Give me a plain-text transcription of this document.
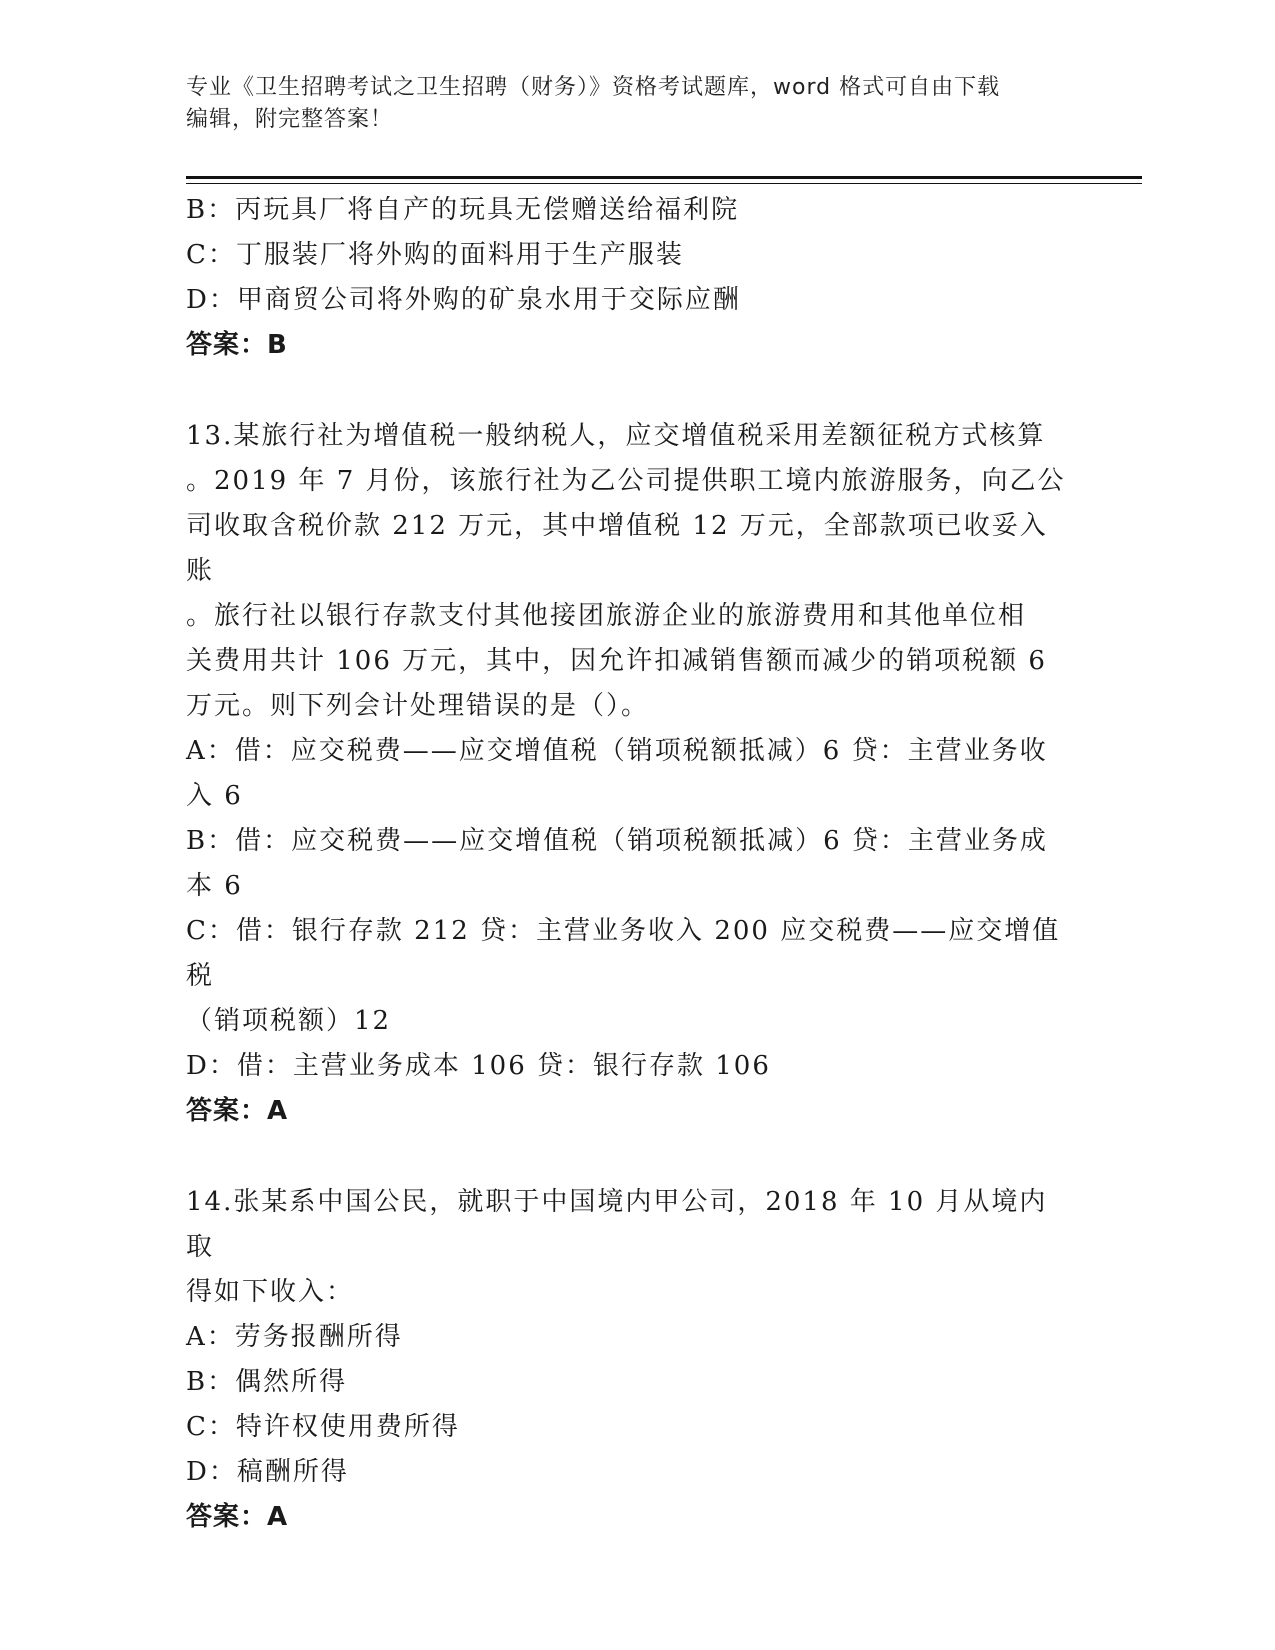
专业《卫生招聘考试之卫生招聘（财务）》资格考试题库，word 格式可自由下载

编辑，附完整答案！

B：丙玩具厂将自产的玩具无偿赠送给福利院

C：丁服装厂将外购的面料用于生产服装

D：甲商贸公司将外购的矿泉水用于交际应酬

答案：B

13.某旅行社为增值税一般纳税人，应交增值税采用差额征税方式核算

。2019 年 7 月份，该旅行社为乙公司提供职工境内旅游服务，向乙公

司收取含税价款 212 万元，其中增值税 12 万元，全部款项已收妥入账

。旅行社以银行存款支付其他接团旅游企业的旅游费用和其他单位相

关费用共计 106 万元，其中，因允许扣减销售额而减少的销项税额 6

万元。则下列会计处理错误的是（）。

A：借：应交税费——应交增值税（销项税额抵减）6 贷：主营业务收

入 6

B：借：应交税费——应交增值税（销项税额抵减）6 贷：主营业务成

本 6

C：借：银行存款 212 贷：主营业务收入 200 应交税费——应交增值税

（销项税额）12

D：借：主营业务成本 106 贷：银行存款 106

答案：A

14.张某系中国公民，就职于中国境内甲公司，2018 年 10 月从境内取

得如下收入：

A：劳务报酬所得

B：偶然所得

C：特许权使用费所得

D：稿酬所得

答案：A
